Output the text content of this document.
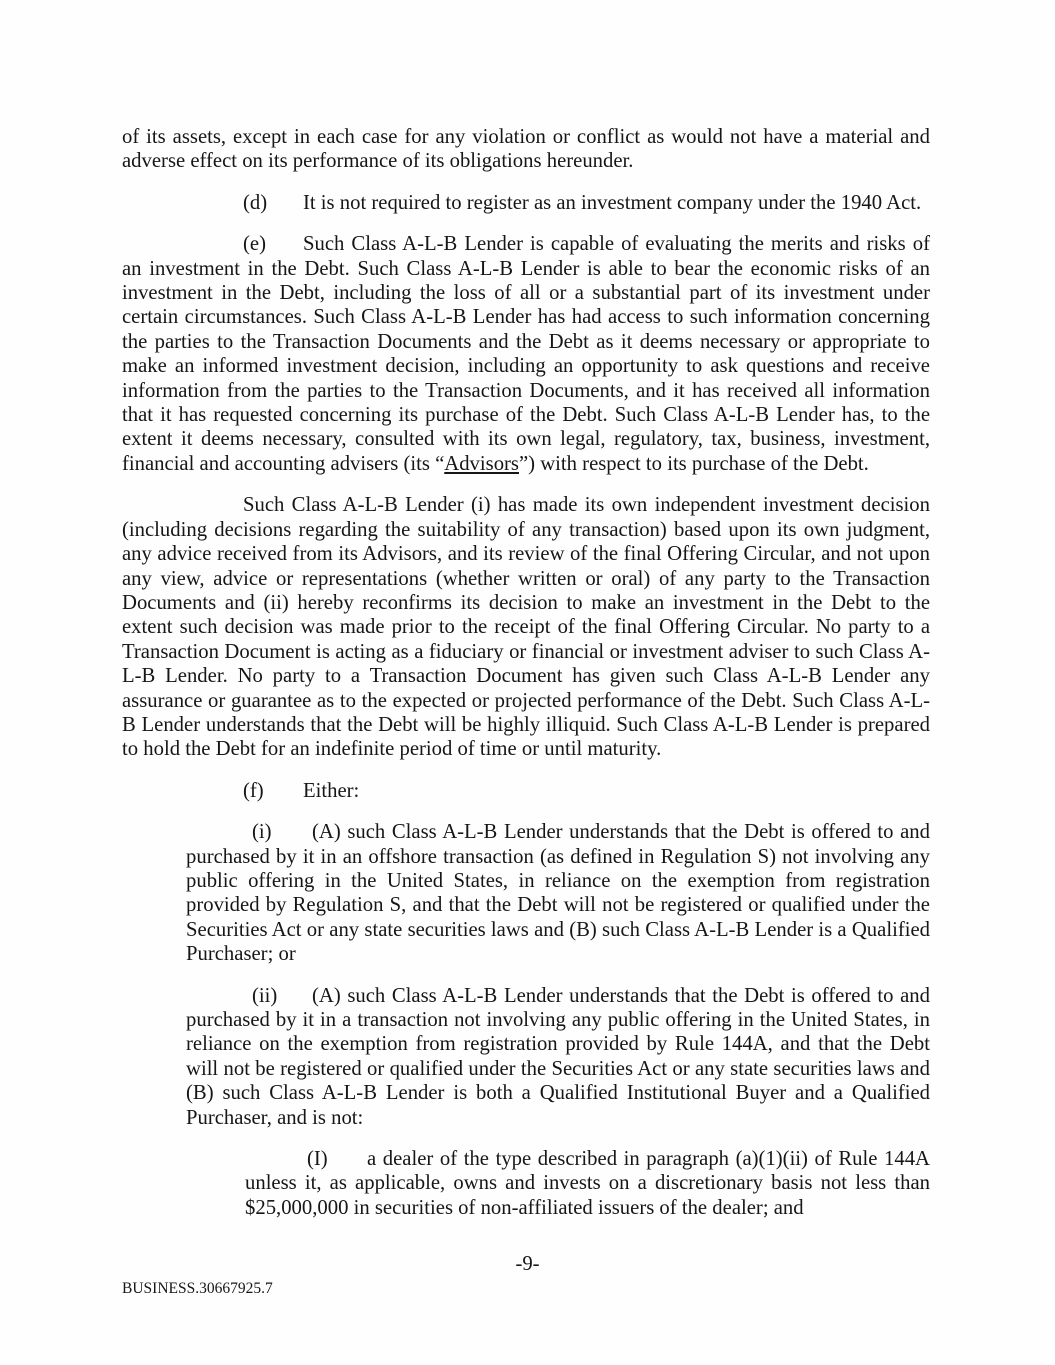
of its assets, except in each case for any violation or conflict as would not have a material and adverse effect on its performance of its obligations hereunder.

(d) It is not required to register as an investment company under the 1940 Act.

(e) Such Class A-L-B Lender is capable of evaluating the merits and risks of an investment in the Debt. Such Class A-L-B Lender is able to bear the economic risks of an investment in the Debt, including the loss of all or a substantial part of its investment under certain circumstances. Such Class A-L-B Lender has had access to such information concerning the parties to the Transaction Documents and the Debt as it deems necessary or appropriate to make an informed investment decision, including an opportunity to ask questions and receive information from the parties to the Transaction Documents, and it has received all information that it has requested concerning its purchase of the Debt. Such Class A-L-B Lender has, to the extent it deems necessary, consulted with its own legal, regulatory, tax, business, investment, financial and accounting advisers (its “Advisors”) with respect to its purchase of the Debt.

Such Class A-L-B Lender (i) has made its own independent investment decision (including decisions regarding the suitability of any transaction) based upon its own judgment, any advice received from its Advisors, and its review of the final Offering Circular, and not upon any view, advice or representations (whether written or oral) of any party to the Transaction Documents and (ii) hereby reconfirms its decision to make an investment in the Debt to the extent such decision was made prior to the receipt of the final Offering Circular. No party to a Transaction Document is acting as a fiduciary or financial or investment adviser to such Class A-L-B Lender. No party to a Transaction Document has given such Class A-L-B Lender any assurance or guarantee as to the expected or projected performance of the Debt. Such Class A-L-B Lender understands that the Debt will be highly illiquid. Such Class A-L-B Lender is prepared to hold the Debt for an indefinite period of time or until maturity.

(f) Either:

(i) (A) such Class A-L-B Lender understands that the Debt is offered to and purchased by it in an offshore transaction (as defined in Regulation S) not involving any public offering in the United States, in reliance on the exemption from registration provided by Regulation S, and that the Debt will not be registered or qualified under the Securities Act or any state securities laws and (B) such Class A-L-B Lender is a Qualified Purchaser; or

(ii) (A) such Class A-L-B Lender understands that the Debt is offered to and purchased by it in a transaction not involving any public offering in the United States, in reliance on the exemption from registration provided by Rule 144A, and that the Debt will not be registered or qualified under the Securities Act or any state securities laws and (B) such Class A-L-B Lender is both a Qualified Institutional Buyer and a Qualified Purchaser, and is not:

(I) a dealer of the type described in paragraph (a)(1)(ii) of Rule 144A unless it, as applicable, owns and invests on a discretionary basis not less than $25,000,000 in securities of non-affiliated issuers of the dealer; and

-9-
BUSINESS.30667925.7
